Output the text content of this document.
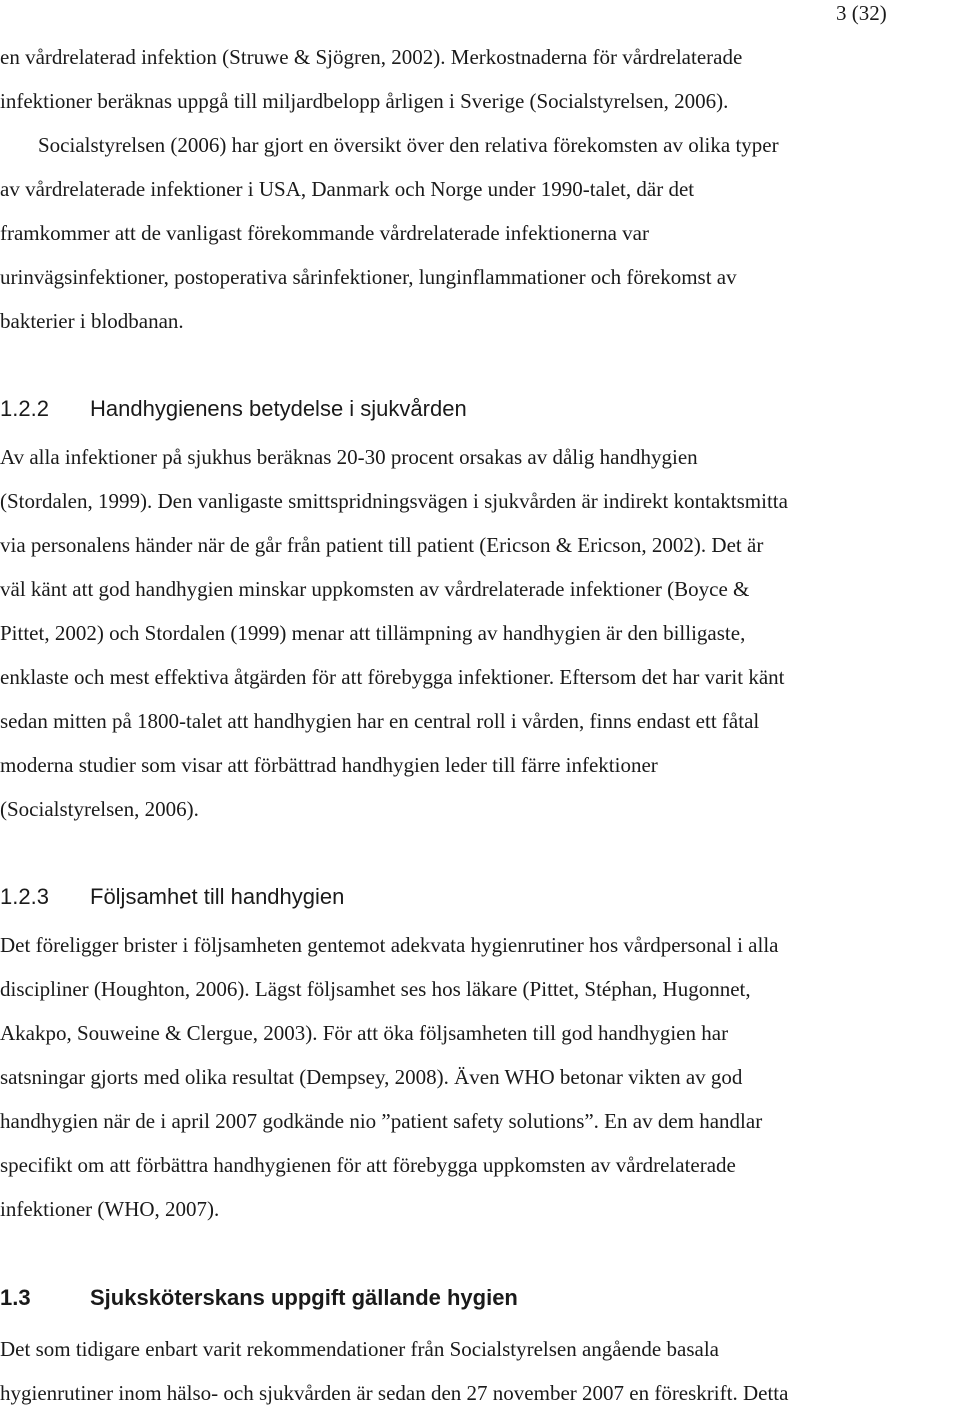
3 (32)
en vårdrelaterad infektion (Struwe & Sjögren, 2002). Merkostnaderna för vårdrelaterade
infektioner beräknas uppgå till miljardbelopp årligen i Sverige (Socialstyrelsen, 2006).
Socialstyrelsen (2006) har gjort en översikt över den relativa förekomsten av olika typer
av vårdrelaterade infektioner i USA, Danmark och Norge under 1990-talet, där det
framkommer att de vanligast förekommande vårdrelaterade infektionerna var
urinvägsinfektioner, postoperativa sårinfektioner, lunginflammationer och förekomst av
bakterier i blodbanan.
1.2.2 Handhygienens betydelse i sjukvården
Av alla infektioner på sjukhus beräknas 20-30 procent orsakas av dålig handhygien
(Stordalen, 1999). Den vanligaste smittspridningsvägen i sjukvården är indirekt kontaktsmitta
via personalens händer när de går från patient till patient (Ericson & Ericson, 2002). Det är
väl känt att god handhygien minskar uppkomsten av vårdrelaterade infektioner (Boyce &
Pittet, 2002) och Stordalen (1999) menar att tillämpning av handhygien är den billigaste,
enklaste och mest effektiva åtgärden för att förebygga infektioner. Eftersom det har varit känt
sedan mitten på 1800-talet att handhygien har en central roll i vården, finns endast ett fåtal
moderna studier som visar att förbättrad handhygien leder till färre infektioner
(Socialstyrelsen, 2006).
1.2.3 Följsamhet till handhygien
Det föreligger brister i följsamheten gentemot adekvata hygienrutiner hos vårdpersonal i alla
discipliner (Houghton, 2006). Lägst följsamhet ses hos läkare (Pittet, Stéphan, Hugonnet,
Akakpo, Souweine & Clergue, 2003). För att öka följsamheten till god handhygien har
satsningar gjorts med olika resultat (Dempsey, 2008). Även WHO betonar vikten av god
handhygien när de i april 2007 godkände nio ”patient safety solutions”. En av dem handlar
specifikt om att förbättra handhygienen för att förebygga uppkomsten av vårdrelaterade
infektioner (WHO, 2007).
1.3	Sjuksköterskans uppgift gällande hygien
Det som tidigare enbart varit rekommendationer från Socialstyrelsen angående basala
hygienrutiner inom hälso- och sjukvården är sedan den 27 november 2007 en föreskrift. Detta
